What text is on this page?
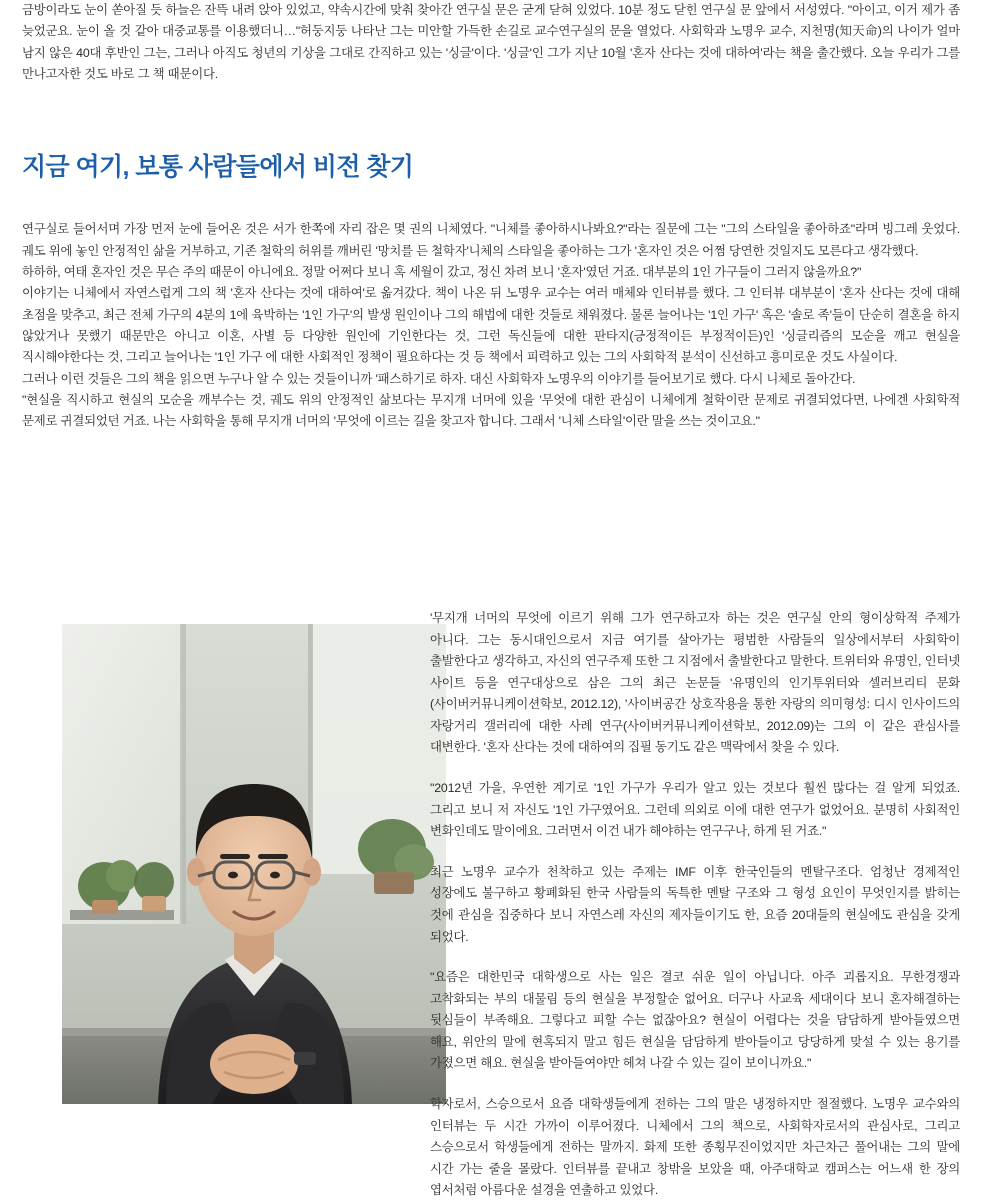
금방이라도 눈이 쏟아질 듯 하늘은 잔뜩 내려 앉아 있었고, 약속시간에 맞춰 찾아간 연구실 문은 굳게 닫혀 있었다. 10분 정도 닫힌 연구실 문 앞에서 서성였다. "아이고, 이거 제가 좀 늦었군요. 눈이 올 것 같아 대중교통를 이용했더니…"허둥지둥 나타난 그는 미안할 가득한 손길로 교수연구실의 문을 열었다. 사회학과 노명우 교수, 지천명(知天命)의 나이가 얼마 남지 않은 40대 후반인 그는, 그러나 아직도 청년의 기상을 그대로 간직하고 있는 '싱글'이다. '싱글'인 그가 지난 10월 '혼자 산다는 것에 대하여'라는 책을 출간했다. 오늘 우리가 그를 만나고자한 것도 바로 그 책 때문이다.

지금 여기, 보통 사람들에서 비전 찾기

연구실로 들어서며 가장 먼저 눈에 들어온 것은 서가 한쪽에 자리 잡은 몇 권의 니체였다. "니체를 좋아하시나봐요?"라는 질문에 그는 "그의 스타일을 좋아하죠"라며 빙그레 웃었다. 궤도 위에 놓인 안정적인 삶을 거부하고, 기존 철학의 허위를 깨버린 '망치를 든 철학자'니체의 스타일을 좋아하는 그가 '혼자인 것은 어쩜 당연한 것일지도 모른다고 생각했다.

하하하, 여태 혼자인 것은 무슨 주의 때문이 아니에요. 정말 어쩌다 보니 혹 세월이 갔고, 정신 차려 보니 '혼자'였던 거죠. 대부분의 1인 가구들이 그러지 않을까요?"

이야기는 니체에서 자연스럽게 그의 책 '혼자 산다는 것에 대하여'로 옮겨갔다. 책이 나온 뒤 노명우 교수는 여러 매체와 인터뷰를 했다. 그 인터뷰 대부분이 '혼자 산다는 것에 대해 초점을 맞추고, 최근 전체 가구의 4분의 1에 육박하는 '1인 가구'의 발생 원인이나 그의 해법에 대한 것들로 채워졌다. 물론 늘어나는 '1인 가구' 혹은 '솔로 족'들이 단순히 결혼을 하지 않았거나 못했기 때문만은 아니고 이혼, 사별 등 다양한 원인에 기인한다는 것, 그런 독신들에 대한 판타지(긍정적이든 부정적이든)인 '싱글리즘의 모순을 깨고 현실을 직시해야한다는 것, 그리고 늘어나는 '1인 가구 에 대한 사회적인 정책이 필요하다는 것 등 책에서 피력하고 있는 그의 사회학적 분석이 신선하고 흥미로운 것도 사실이다.

그러나 이런 것들은 그의 책을 읽으면 누구나 알 수 있는 것들이니까 '패스하기로 하자. 대신 사회학자 노명우의 이야기를 들어보기로 했다. 다시 니체로 돌아간다.

"현실을 직시하고 현실의 모순을 깨부수는 것, 궤도 위의 안정적인 삶보다는 무지개 너머에 있을 '무엇에 대한 관심이 니체에게 철학이란 문제로 귀결되었다면, 나에겐 사회학적 문제로 귀결되었던 거죠. 나는 사회학을 통해 무지개 너머의 '무엇에 이르는 길을 찾고자 합니다. 그래서 '니체 스타일'이란 말을 쓰는 것이고요."

'무지개 너머의 무엇에 이르기 위해 그가 연구하고자 하는 것은 연구실 안의 형이상학적 주제가 아니다. 그는 동시대인으로서 지금 여기를 살아가는 평범한 사람들의 일상에서부터 사회학이 출발한다고 생각하고, 자신의 연구주제 또한 그 지점에서 출발한다고 말한다. 트위터와 유명인, 인터넷 사이트 등을 연구대상으로 삼은 그의 최근 논문들 '유명인의 인기투위터와 셀러브리티 문화(사이버커뮤니케이션학보, 2012.12), '사이버공간 상호작용을 통한 자랑의 의미형성: 디시 인사이드의 자랑거리 갤러리에 대한 사례 연구(사이버커뮤니케이션학보, 2012.09)는 그의 이 같은 관심사를 대변한다. '혼자 산다는 것에 대하여의 집필 동기도 같은 맥락에서 찾을 수 있다.

"2012년 가을, 우연한 계기로 '1인 가구가 우리가 알고 있는 것보다 훨씬 많다는 걸 알게 되었죠. 그리고 보니 저 자신도 '1인 가구였어요. 그런데 의외로 이에 대한 연구가 없었어요. 분명히 사회적인 변화인데도 말이에요. 그러면서 이건 내가 해야하는 연구구나, 하게 된 거죠."

최근 노명우 교수가 천착하고 있는 주제는 IMF 이후 한국인들의 멘탈구조다. 엄청난 경제적인 성장에도 불구하고 황폐화된 한국 사람들의 독특한 멘탈 구조와 그 형성 요인이 무엇인지를 밝히는 것에 관심을 집중하다 보니 자연스레 자신의 제자들이기도 한, 요즘 20대들의 현실에도 관심을 갖게 되었다.

"요즘은 대한민국 대학생으로 사는 일은 결코 쉬운 일이 아닙니다. 아주 괴롭지요. 무한경쟁과 고착화되는 부의 대물림 등의 현실을 부정할순 없어요. 더구나 사교육 세대이다 보니 혼자해결하는 뒷심들이 부족해요. 그렇다고 피할 수는 없잖아요? 현실이 어렵다는 것을 담담하게 받아들였으면 해요, 위안의 말에 현혹되지 말고 힘든 현실을 담담하게 받아들이고 당당하게 맞설 수 있는 용기를 가졌으면 해요. 현실을 받아들여야만 헤쳐 나갈 수 있는 길이 보이니까요."

학자로서, 스승으로서 요즘 대학생들에게 전하는 그의 말은 냉정하지만 절절했다. 노명우 교수와의 인터뷰는 두 시간 가까이 이루어졌다. 니체에서 그의 책으로, 사회학자로서의 관심사로, 그리고 스승으로서 학생들에게 전하는 말까지. 화제 또한 종횡무진이었지만 차근차근 풀어내는 그의 말에 시간 가는 줄을 몰랐다. 인터뷰를 끝내고 창밖을 보았을 때, 아주대학교 캠퍼스는 어느새 한 장의 엽서처럼 아름다운 설경을 연출하고 있었다.
